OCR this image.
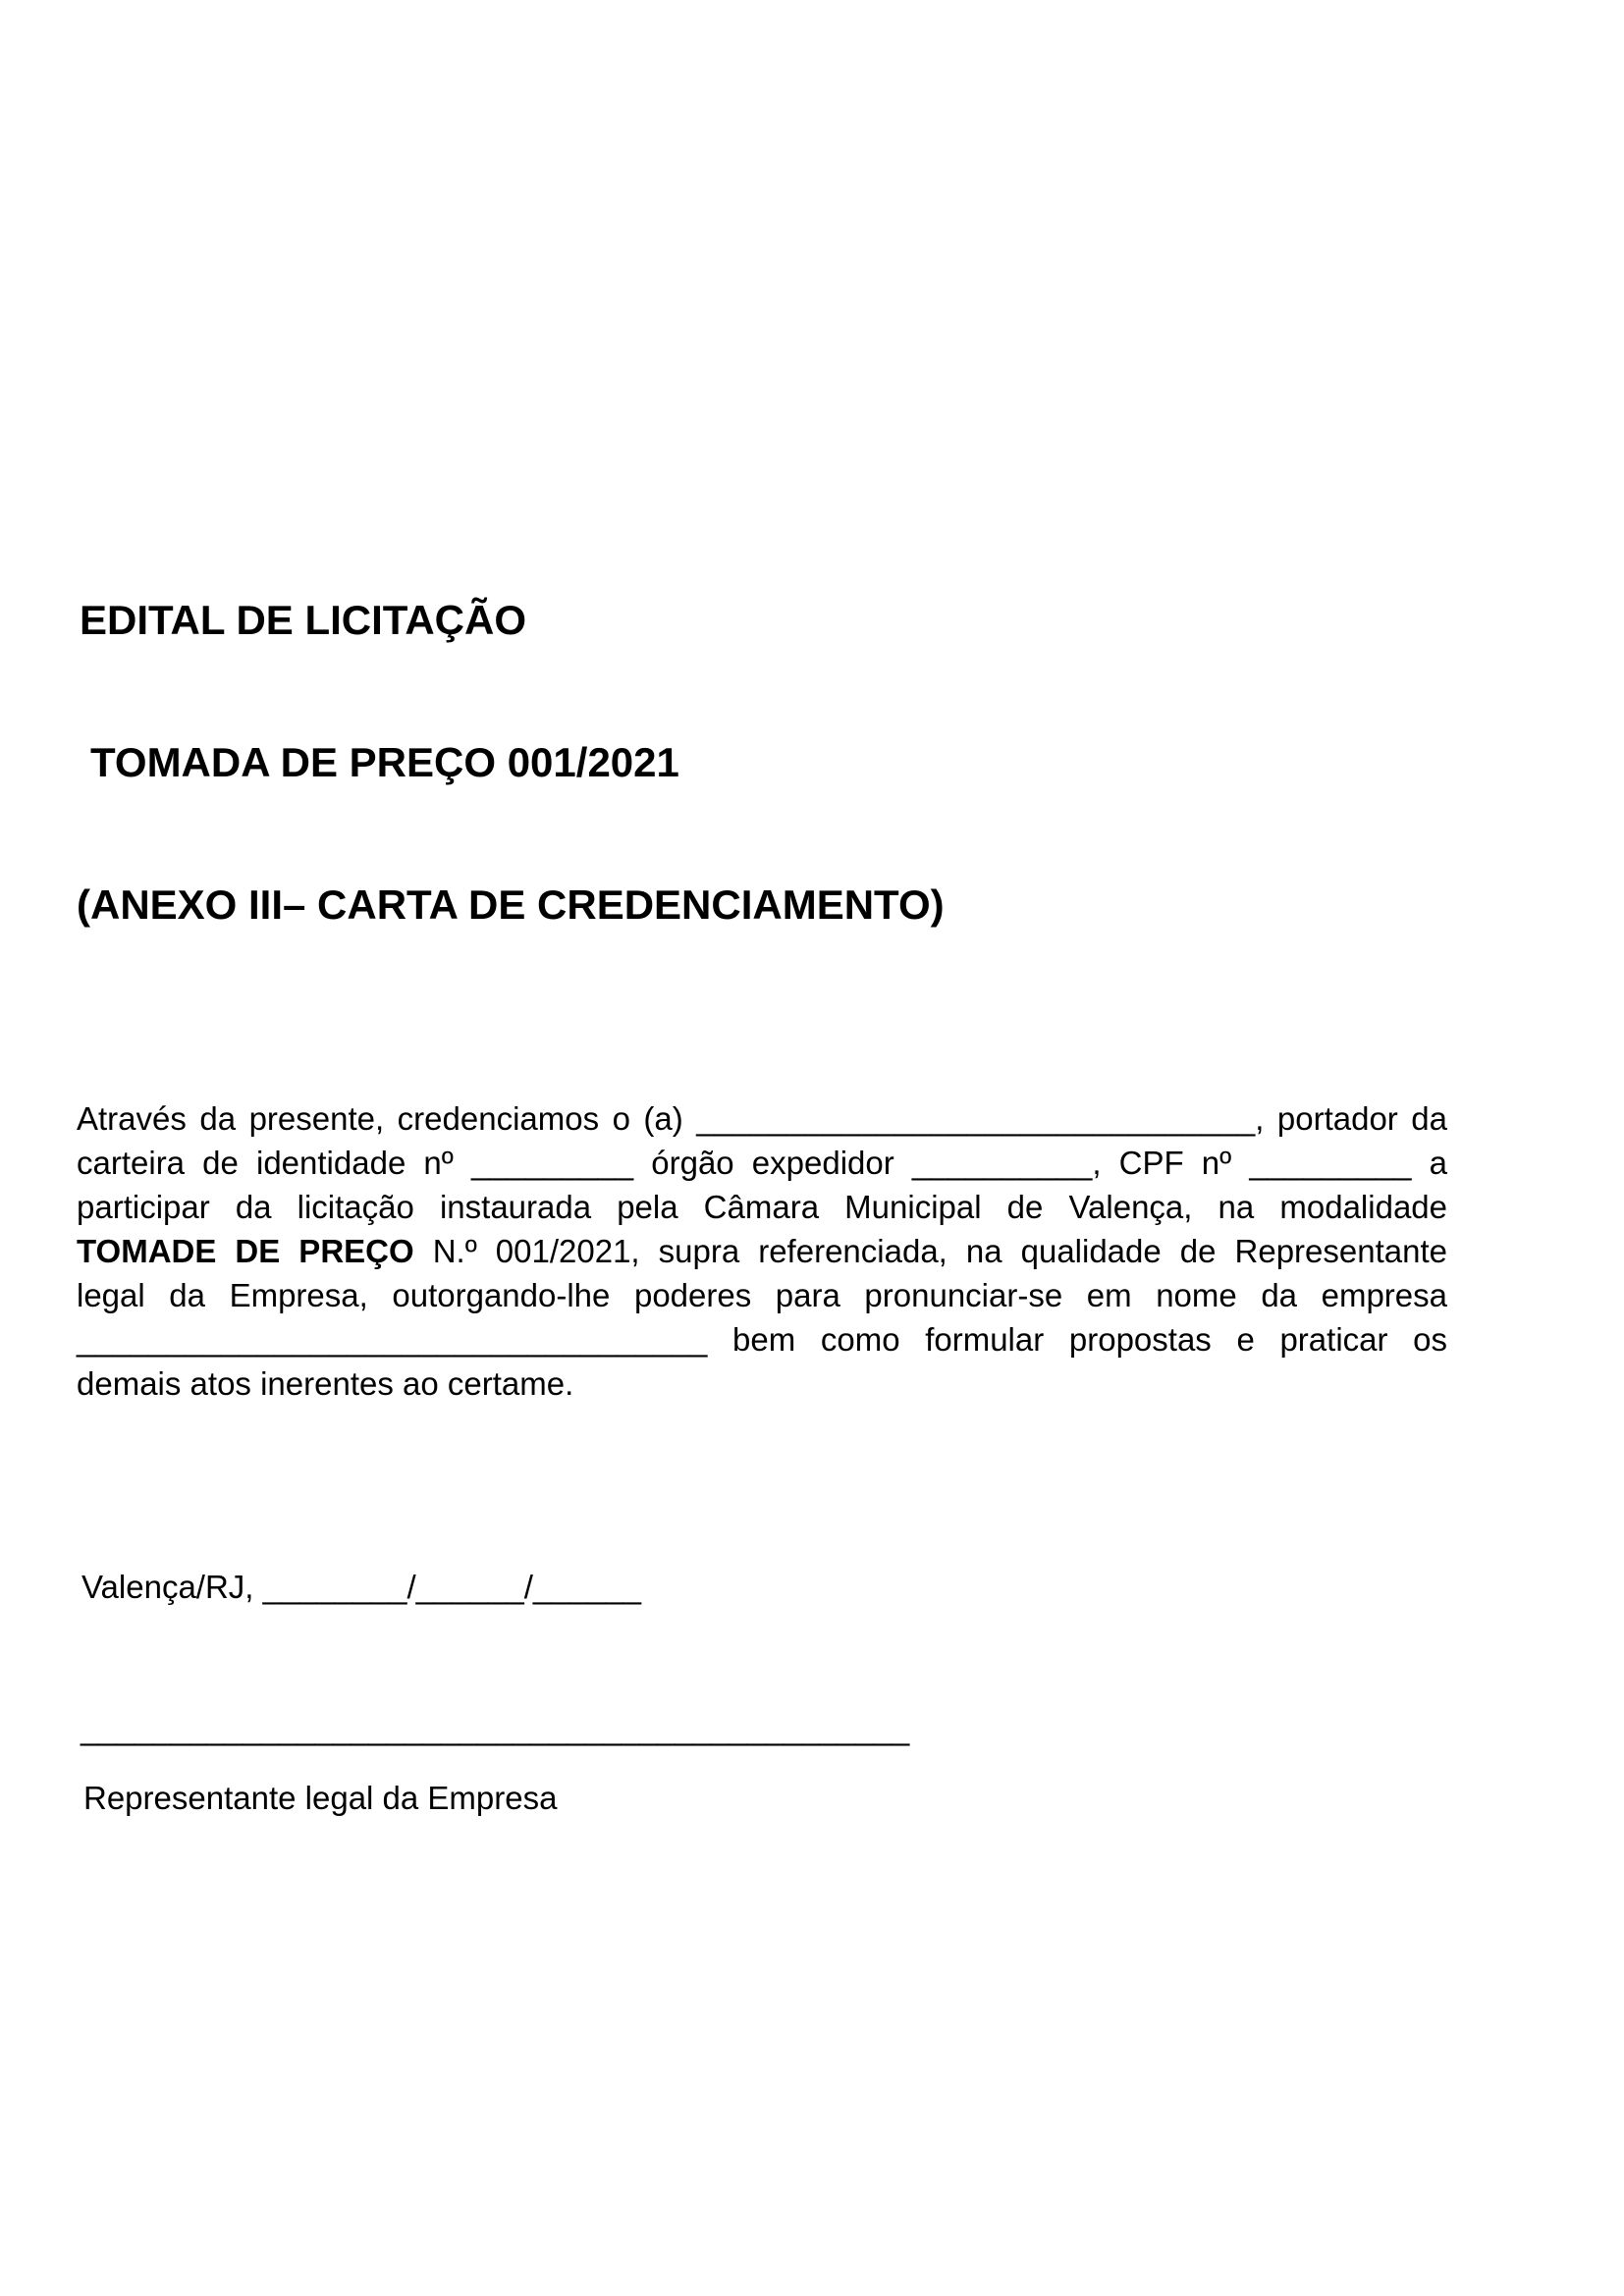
EDITAL DE LICITAÇÃO
TOMADA DE PREÇO 001/2021
(ANEXO III– CARTA DE CREDENCIAMENTO)
Através da presente, credenciamos o (a) _______________________________, portador da
carteira de identidade nº _________ órgão expedidor __________, CPF nº _________ a
participar da licitação instaurada pela Câmara Municipal de Valença, na modalidade
TOMADE DE PREÇO N.º 001/2021, supra referenciada, na qualidade de Representante
legal da Empresa, outorgando-lhe poderes para pronunciar-se em nome da empresa
___________________________________ bem como formular propostas e praticar os
demais atos inerentes ao certame.
Valença/RJ, ________/______/______
______________________________________________
Representante legal da Empresa
